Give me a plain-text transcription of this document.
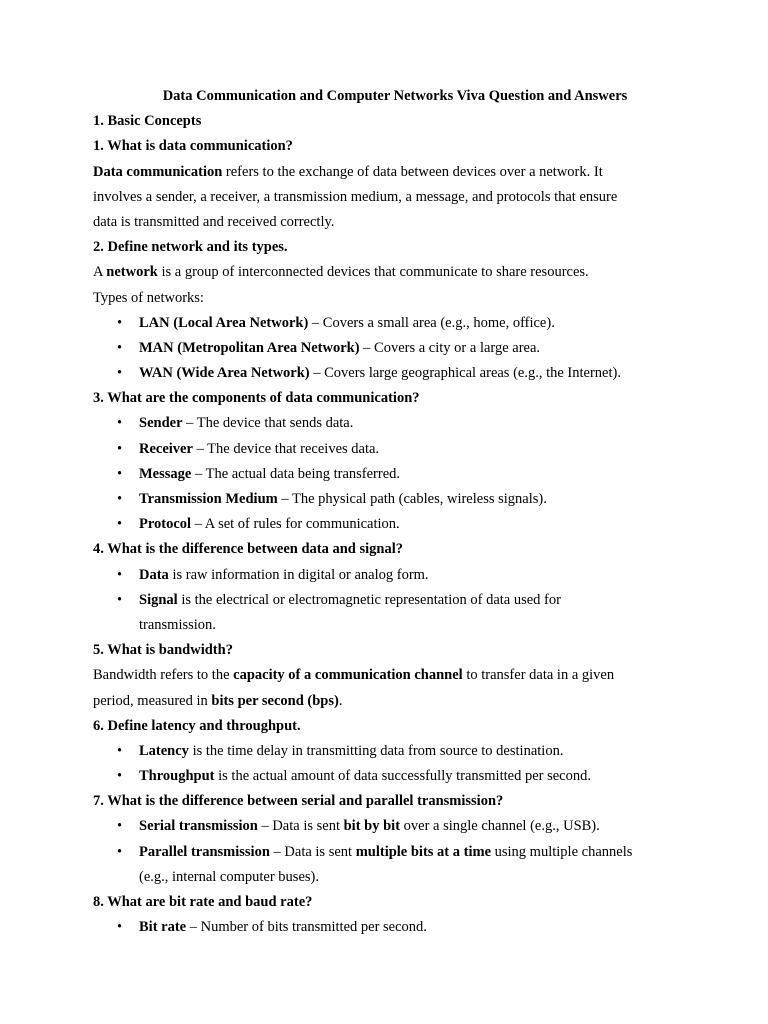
Data Communication and Computer Networks Viva Question and Answers
1. Basic Concepts
1. What is data communication?
Data communication refers to the exchange of data between devices over a network. It
involves a sender, a receiver, a transmission medium, a message, and protocols that ensure
data is transmitted and received correctly.
2. Define network and its types.
A network is a group of interconnected devices that communicate to share resources.
Types of networks:
• LAN (Local Area Network) – Covers a small area (e.g., home, office).
• MAN (Metropolitan Area Network) – Covers a city or a large area.
• WAN (Wide Area Network) – Covers large geographical areas (e.g., the Internet).
3. What are the components of data communication?
• Sender – The device that sends data.
• Receiver – The device that receives data.
• Message – The actual data being transferred.
• Transmission Medium – The physical path (cables, wireless signals).
• Protocol – A set of rules for communication.
4. What is the difference between data and signal?
• Data is raw information in digital or analog form.
• Signal is the electrical or electromagnetic representation of data used for
transmission.
5. What is bandwidth?
Bandwidth refers to the capacity of a communication channel to transfer data in a given
period, measured in bits per second (bps).
6. Define latency and throughput.
• Latency is the time delay in transmitting data from source to destination.
• Throughput is the actual amount of data successfully transmitted per second.
7. What is the difference between serial and parallel transmission?
• Serial transmission – Data is sent bit by bit over a single channel (e.g., USB).
• Parallel transmission – Data is sent multiple bits at a time using multiple channels
(e.g., internal computer buses).
8. What are bit rate and baud rate?
• Bit rate – Number of bits transmitted per second.
